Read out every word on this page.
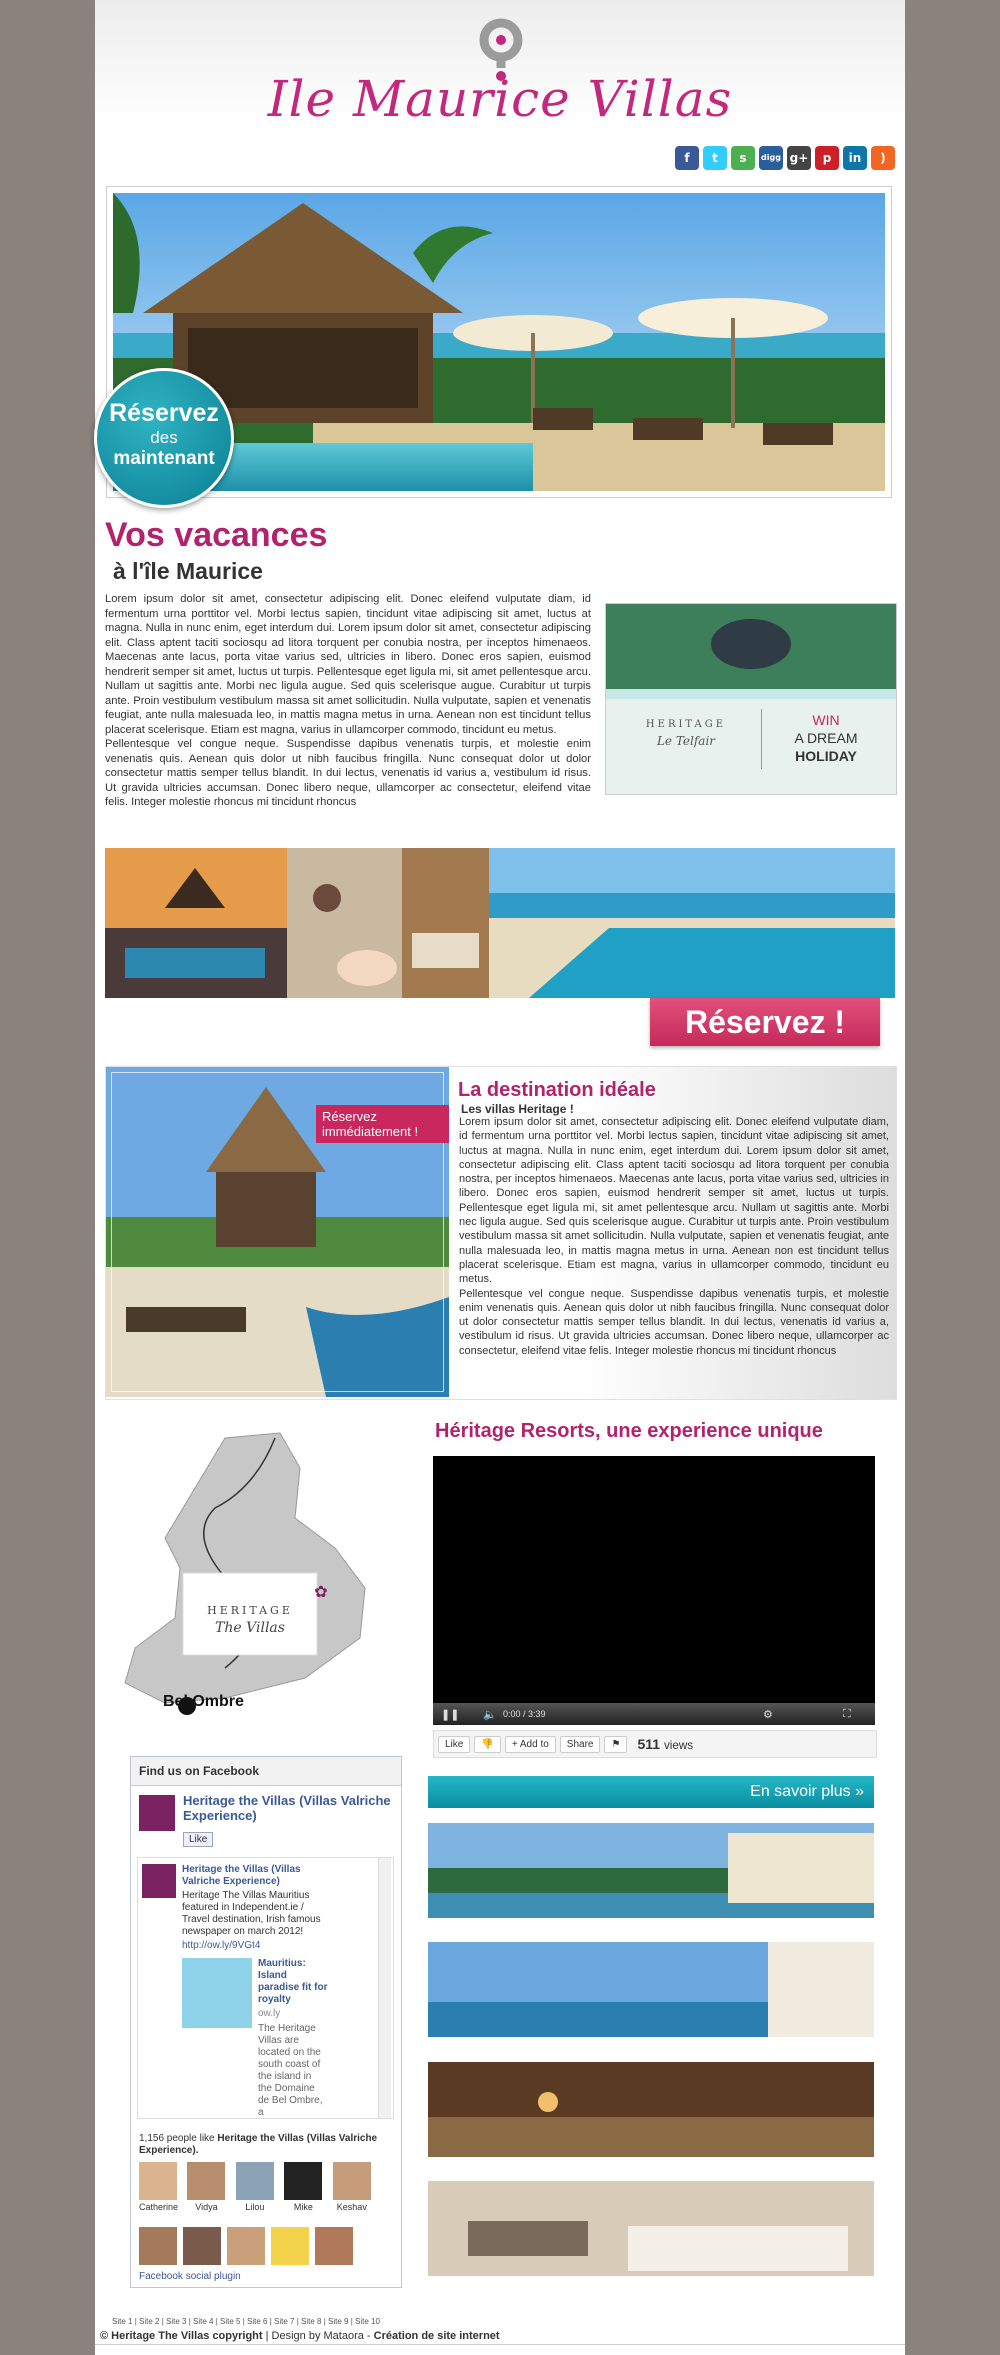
Ile Maurice Villas
f	t	s	digg g+	p	in	)
Réservez
des
maintenant
Vos vacances
à l'île Maurice
Lorem ipsum dolor sit amet, consectetur adipiscing elit. Donec eleifend vulputate diam, id fermentum urna porttitor vel. Morbi lectus sapien, tincidunt vitae adipiscing sit amet, luctus at magna. Nulla in nunc enim, eget interdum dui. Lorem ipsum dolor sit amet, consectetur adipiscing elit. Class aptent taciti sociosqu ad litora torquent per conubia nostra, per inceptos himenaeos. Maecenas ante lacus, porta vitae varius sed, ultricies in libero. Donec eros sapien, euismod hendrerit semper sit amet, luctus ut turpis. Pellentesque eget ligula mi, sit amet pellentesque arcu. Nullam ut sagittis ante. Morbi nec ligula augue. Sed quis scelerisque augue. Curabitur ut turpis ante. Proin vestibulum vestibulum massa sit amet sollicitudin. Nulla vulputate, sapien et venenatis feugiat, ante nulla malesuada leo, in mattis magna metus in urna. Aenean non est tincidunt tellus placerat scelerisque. Etiam est magna, varius in ullamcorper commodo, tincidunt eu metus.
Pellentesque vel congue neque. Suspendisse dapibus venenatis turpis, et molestie enim venenatis quis. Aenean quis dolor ut nibh faucibus fringilla. Nunc consequat dolor ut dolor consectetur mattis semper tellus blandit. In dui lectus, venenatis id varius a, vestibulum id risus. Ut gravida ultricies accumsan. Donec libero neque, ullamcorper ac consectetur, eleifend vitae felis. Integer molestie rhoncus mi tincidunt rhoncus
HERITAGE
Le Telfair
WIN
A DREAM
HOLIDAY
Réservez !
Réservez immédiatement !
La destination idéale
Les villas Heritage !
Lorem ipsum dolor sit amet, consectetur adipiscing elit. Donec eleifend vulputate diam, id fermentum urna porttitor vel. Morbi lectus sapien, tincidunt vitae adipiscing sit amet, luctus at magna. Nulla in nunc enim, eget interdum dui. Lorem ipsum dolor sit amet, consectetur adipiscing elit. Class aptent taciti sociosqu ad litora torquent per conubia nostra, per inceptos himenaeos. Maecenas ante lacus, porta vitae varius sed, ultricies in libero. Donec eros sapien, euismod hendrerit semper sit amet, luctus ut turpis. Pellentesque eget ligula mi, sit amet pellentesque arcu. Nullam ut sagittis ante. Morbi nec ligula augue. Sed quis scelerisque augue. Curabitur ut turpis ante. Proin vestibulum vestibulum massa sit amet sollicitudin. Nulla vulputate, sapien et venenatis feugiat, ante nulla malesuada leo, in mattis magna metus in urna. Aenean non est tincidunt tellus placerat scelerisque. Etiam est magna, varius in ullamcorper commodo, tincidunt eu metus.
Pellentesque vel congue neque. Suspendisse dapibus venenatis turpis, et molestie enim venenatis quis. Aenean quis dolor ut nibh faucibus fringilla. Nunc consequat dolor ut dolor consectetur mattis semper tellus blandit. In dui lectus, venenatis id varius a, vestibulum id risus. Ut gravida ultricies accumsan. Donec libero neque, ullamcorper ac consectetur, eleifend vitae felis. Integer molestie rhoncus mi tincidunt rhoncus
✿
HERITAGE
The Villas
Bel Ombre
Héritage Resorts, une experience unique
❚❚ 🔈 0:00 / 3:39	⚙	⛶
Like	👎	+ Add to	Share	⚑	511 views
Find us on Facebook
Heritage the Villas (Villas Valriche Experience)
Like
Heritage the Villas (Villas Valriche Experience)
Heritage The Villas Mauritius featured in Independent.ie / Travel destination, Irish famous newspaper on march 2012!
http://ow.ly/9VGt4
Mauritius: Island paradise fit for royalty
ow.ly
The Heritage Villas are located on the south coast of the island in the Domaine de Bel Ombre, a
1,156 people like Heritage the Villas (Villas Valriche Experience).
Catherine Vidya	Lilou	Mike	Keshav
Facebook social plugin
En savoir plus »
Site 1 | Site 2 | Site 3 | Site 4 | Site 5 | Site 6 | Site 7 | Site 8 | Site 9 | Site 10
© Heritage The Villas copyright | Design by Mataora - Création de site internet
